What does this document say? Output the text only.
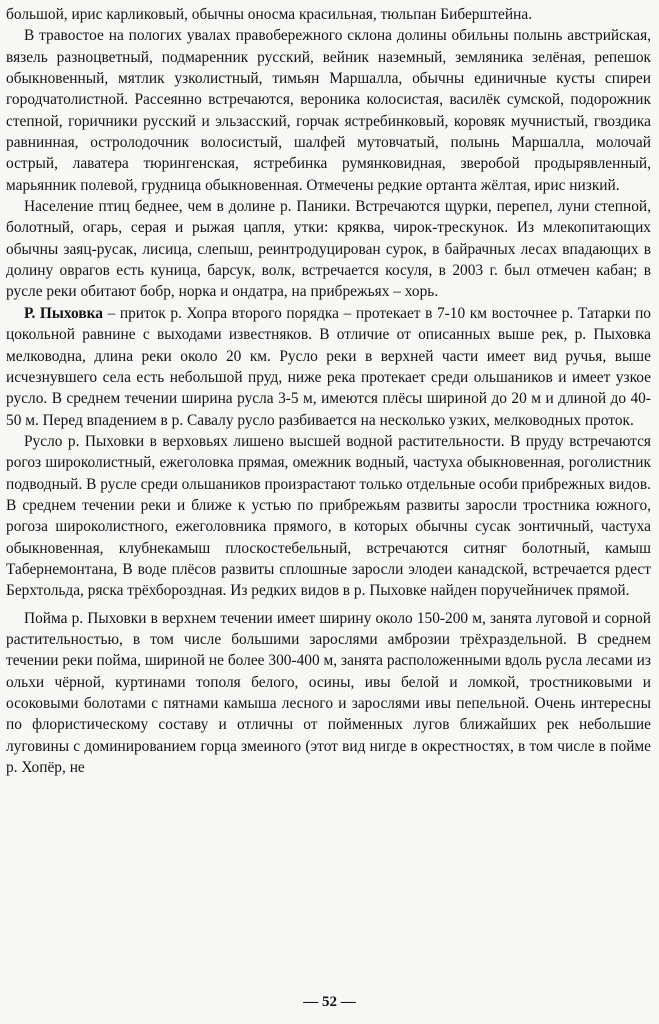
большой, ирис карликовый, обычны оносма красильная, тюльпан Биберштейна.

В травостое на пологих увалах правобережного склона долины обильны полынь австрийская, вязель разноцветный, подмаренник русский, вейник наземный, земляника зелёная, репешок обыкновенный, мятлик узколистный, тимьян Маршалла, обычны единичные кусты спиреи городчатолистной. Рассеянно встречаются, вероника колосистая, василёк сумской, подорожник степной, горичники русский и эльзасский, горчак ястребинковый, коровяк мучнистый, гвоздика равнинная, остролодочник волосистый, шалфей мутовчатый, полынь Маршалла, молочай острый, лаватера тюрингенская, ястребинка румянковидная, зверобой продырявленный, марьянник полевой, грудница обыкновенная. Отмечены редкие ортанта жёлтая, ирис низкий.

Население птиц беднее, чем в долине р. Паники. Встречаются щурки, перепел, луни степной, болотный, огарь, серая и рыжая цапля, утки: кряква, чирок-трескунок. Из млекопитающих обычны заяц-русак, лисица, слепыш, реинтродуцирован сурок, в байрачных лесах впадающих в долину оврагов есть куница, барсук, волк, встречается косуля, в 2003 г. был отмечен кабан; в русле реки обитают бобр, норка и ондатра, на прибрежьях – хорь.

Р. Пыховка – приток р. Хопра второго порядка – протекает в 7-10 км восточнее р. Татарки по цокольной равнине с выходами известняков. В отличие от описанных выше рек, р. Пыховка мелководна, длина реки около 20 км. Русло реки в верхней части имеет вид ручья, выше исчезнувшего села есть небольшой пруд, ниже река протекает среди ольшаников и имеет узкое русло. В среднем течении ширина русла 3-5 м, имеются плёсы шириной до 20 м и длиной до 40-50 м. Перед впадением в р. Савалу русло разбивается на несколько узких, мелководных проток.

Русло р. Пыховки в верховьях лишено высшей водной растительности. В пруду встречаются рогоз широколистный, ежеголовка прямая, омежник водный, частуха обыкновенная, роголистник подводный. В русле среди ольшаников произрастают только отдельные особи прибрежных видов. В среднем течении реки и ближе к устью по прибрежьям развиты заросли тростника южного, рогоза широколистного, ежеголовника прямого, в которых обычны сусак зонтичный, частуха обыкновенная, клубнекамыш плоскостебельный, встречаются ситняг болотный, камыш Табернемонтана, В воде плёсов развиты сплошные заросли элодеи канадской, встречается рдест Берхтольда, ряска трёхбороздная. Из редких видов в р. Пыховке найден поручейничек прямой.

Пойма р. Пыховки в верхнем течении имеет ширину около 150-200 м, занята луговой и сорной растительностью, в том числе большими зарослями амброзии трёхраздельной. В среднем течении реки пойма, шириной не более 300-400 м, занята расположенными вдоль русла лесами из ольхи чёрной, куртинами тополя белого, осины, ивы белой и ломкой, тростниковыми и осоковыми болотами с пятнами камыша лесного и зарослями ивы пепельной. Очень интересны по флористическому составу и отличны от пойменных лугов ближайших рек небольшие луговины с доминированием горца змеиного (этот вид нигде в окрестностях, в том числе в пойме р. Хопёр, не

— 52 —
